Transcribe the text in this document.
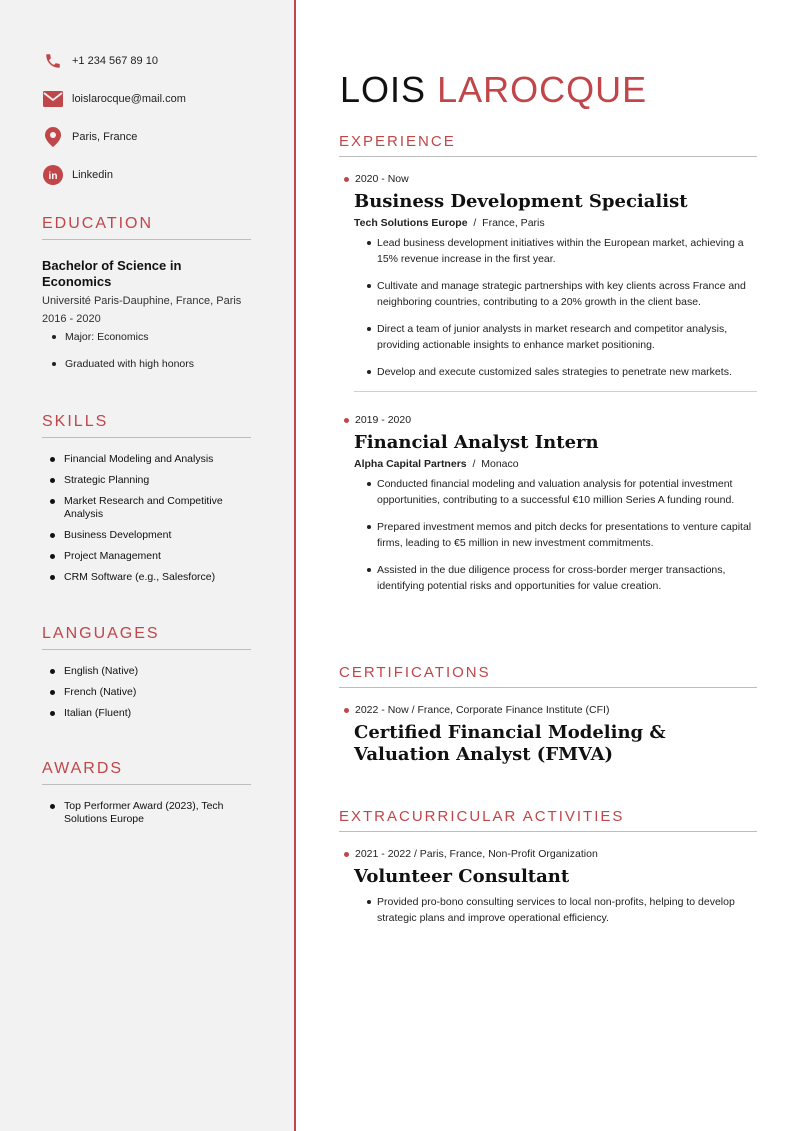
+1 234 567 89 10
loislarocque@mail.com
Paris, France
in Linkedin
EDUCATION
Bachelor of Science in Economics
Université Paris-Dauphine, France, Paris
2016 - 2020
Major: Economics
Graduated with high honors
SKILLS
Financial Modeling and Analysis
Strategic Planning
Market Research and Competitive Analysis
Business Development
Project Management
CRM Software (e.g., Salesforce)
LANGUAGES
English (Native)
French (Native)
Italian (Fluent)
AWARDS
Top Performer Award (2023), Tech Solutions Europe
LOIS LAROCQUE
EXPERIENCE
2020 - Now
Business Development Specialist
Tech Solutions Europe / France, Paris
Lead business development initiatives within the European market, achieving a 15% revenue increase in the first year.
Cultivate and manage strategic partnerships with key clients across France and neighboring countries, contributing to a 20% growth in the client base.
Direct a team of junior analysts in market research and competitor analysis, providing actionable insights to enhance market positioning.
Develop and execute customized sales strategies to penetrate new markets.
2019 - 2020
Financial Analyst Intern
Alpha Capital Partners / Monaco
Conducted financial modeling and valuation analysis for potential investment opportunities, contributing to a successful €10 million Series A funding round.
Prepared investment memos and pitch decks for presentations to venture capital firms, leading to €5 million in new investment commitments.
Assisted in the due diligence process for cross-border merger transactions, identifying potential risks and opportunities for value creation.
CERTIFICATIONS
2022 - Now / France, Corporate Finance Institute (CFI)
Certified Financial Modeling & Valuation Analyst (FMVA)
EXTRACURRICULAR ACTIVITIES
2021 - 2022 / Paris, France, Non-Profit Organization
Volunteer Consultant
Provided pro-bono consulting services to local non-profits, helping to develop strategic plans and improve operational efficiency.
